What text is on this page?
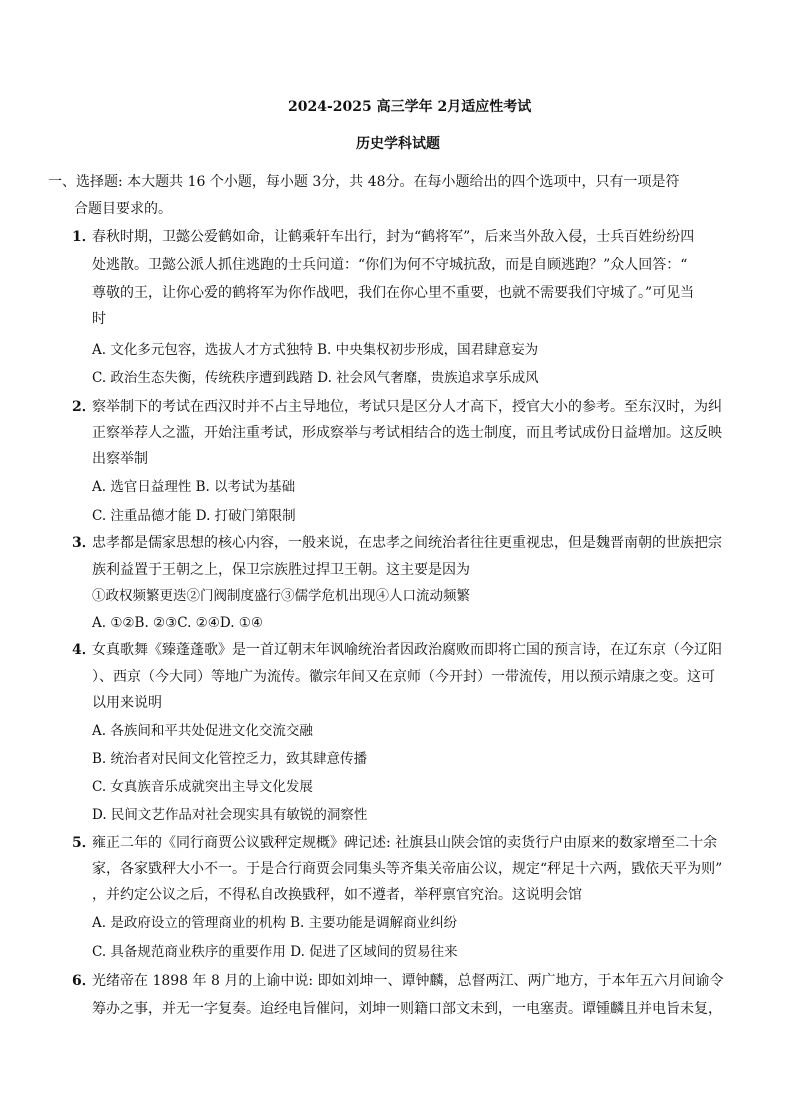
2024-2025 高三学年 2月适应性考试
历史学科试题
一、选择题: 本大题共 16 个小题，每小题 3分，共 48分。在每小题给出的四个选项中，只有一项是符
合题目要求的。
1．
春秋时期，卫懿公爱鹤如命，让鹤乘轩车出行，封为“鹤将军”，后来当外敌入侵，士兵百姓纷纷四
处逃散。卫懿公派人抓住逃跑的士兵问道：“你们为何不守城抗敌，而是自顾逃跑？”众人回答：“
尊敬的王，让你心爱的鹤将军为你作战吧，我们在你心里不重要，也就不需要我们守城了。”可见当
时
A. 文化多元包容，选拔人才方式独特 B. 中央集权初步形成，国君肆意妄为
C. 政治生态失衡，传统秩序遭到践踏 D. 社会风气奢靡，贵族追求享乐成风
2．
察举制下的考试在西汉时并不占主导地位，考试只是区分人才高下，授官大小的参考。至东汉时，为纠
正察举荐人之滥，开始注重考试，形成察举与考试相结合的选士制度，而且考试成份日益增加。这反映
出察举制
A. 选官日益理性 B. 以考试为基础
C. 注重品德才能 D. 打破门第限制
3．
忠孝都是儒家思想的核心内容，一般来说，在忠孝之间统治者往往更重视忠，但是魏晋南朝的世族把宗
族利益置于王朝之上，保卫宗族胜过捍卫王朝。这主要是因为
①政权频繁更迭②门阀制度盛行③儒学危机出现④人口流动频繁
A. ①②B. ②③C. ②④D. ①④
4．
女真歌舞《臻蓬蓬歌》是一首辽朝末年讽喻统治者因政治腐败而即将亡国的预言诗，在辽东京（今辽阳
）、西京（今大同）等地广为流传。徽宗年间又在京师（今开封）一带流传，用以预示靖康之变。这可
以用来说明
A. 各族间和平共处促进文化交流交融
B. 统治者对民间文化管控乏力，致其肆意传播
C. 女真族音乐成就突出主导文化发展
D. 民间文艺作品对社会现实具有敏锐的洞察性
5．
雍正二年的《同行商贾公议戥秤定规概》碑记述: 社旗县山陕会馆的卖货行户由原来的数家增至二十余
家，各家戥秤大小不一。于是合行商贾会同集头等齐集关帝庙公议，规定“秤足十六两，戥依天平为则”
，并约定公议之后，不得私自改换戥秤，如不遵者，举秤禀官究治。这说明会馆
A. 是政府设立的管理商业的机构 B. 主要功能是调解商业纠纷
C. 具备规范商业秩序的重要作用 D. 促进了区域间的贸易往来
6．
光绪帝在 1898 年 8 月的上谕中说: 即如刘坤一、谭钟麟，总督两江、两广地方，于本年五六月间谕令
筹办之事，并无一字复奏。迨经电旨催问，刘坤一则籍口部文未到，一电塞责。谭锺麟且并电旨未复，
